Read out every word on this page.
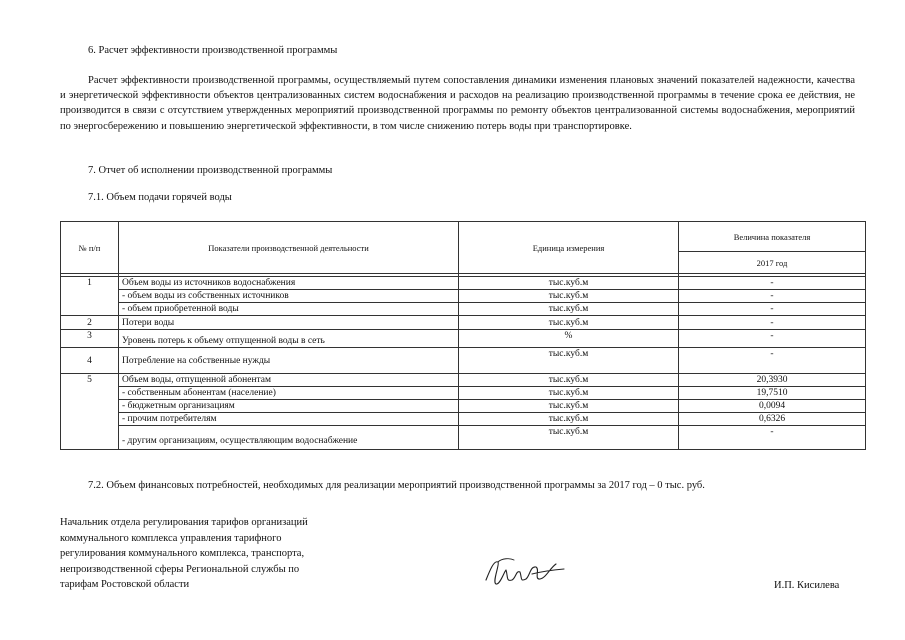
6. Расчет эффективности производственной программы
Расчет эффективности производственной программы, осуществляемый путем сопоставления динамики изменения плановых значений показателей надежности, качества и энергетической эффективности объектов централизованных систем водоснабжения и расходов на реализацию производственной программы в течение срока ее действия, не производится в связи с отсутствием утвержденных мероприятий производственной программы по ремонту объектов централизованной системы водоснабжения, мероприятий по энергосбережению и повышению энергетической эффективности, в том числе снижению потерь воды при транспортировке.
7. Отчет об исполнении производственной программы
7.1. Объем подачи горячей воды
№ п/п	Показатели производственной деятельности	Единица измерения	Величина показателя
			2017 год

1	Объем воды из источников водоснабжения	тыс.куб.м	-
	- объем воды из собственных источников	тыс.куб.м	-
	- объем приобретенной воды	тыс.куб.м	-
2	Потери воды	тыс.куб.м	-
3	Уровень потерь к объему отпущенной воды в сеть	%	-
4	Потребление на собственные нужды	тыс.куб.м	-
5	Объем воды, отпущенной абонентам	тыс.куб.м	20,3930
	- собственным абонентам (население)	тыс.куб.м	19,7510
	- бюджетным организациям	тыс.куб.м	0,0094
	- прочим потребителям	тыс.куб.м	0,6326
	- другим организациям, осуществляющим водоснабжение	тыс.куб.м	-
7.2. Объем финансовых потребностей, необходимых для реализации мероприятий производственной программы за 2017 год – 0 тыс. руб.
Начальник отдела регулирования тарифов организаций
коммунального комплекса управления тарифного
регулирования коммунального комплекса, транспорта,
непроизводственной сферы Региональной службы по
тарифам Ростовской области	И.П. Кисилева
